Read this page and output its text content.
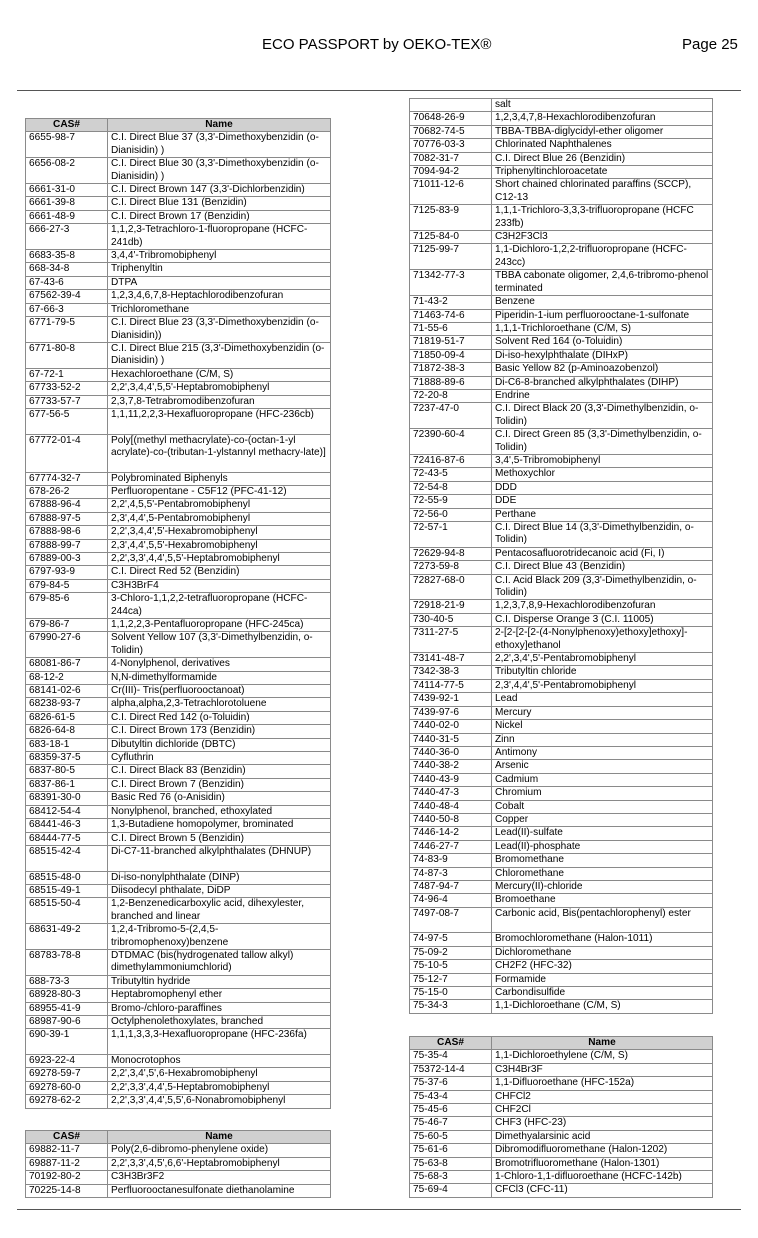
ECO PASSPORT by OEKO-TEX®	Page 25
CAS#	Name
6655-98-7	C.I. Direct Blue 37 (3,3'-Dimethoxybenzidin (o-Dianisidin) )
6656-08-2	C.I. Direct Blue 30 (3,3'-Dimethoxybenzidin (o-Dianisidin) )
6661-31-0	C.I. Direct Brown 147 (3,3'-Dichlorbenzidin)
6661-39-8	C.I. Direct Blue 131 (Benzidin)
6661-48-9	C.I. Direct Brown 17 (Benzidin)
666-27-3	1,1,2,3-Tetrachloro-1-fluoropropane (HCFC-241db)
6683-35-8	3,4,4'-Tribromobiphenyl
668-34-8	Triphenyltin
67-43-6	DTPA
67562-39-4	1,2,3,4,6,7,8-Heptachlorodibenzofuran
67-66-3	Trichloromethane
6771-79-5	C.I. Direct Blue 23 (3,3'-Dimethoxybenzidin (o-Dianisidin))
6771-80-8	C.I. Direct Blue 215 (3,3'-Dimethoxybenzidin (o-Dianisidin) )
67-72-1	Hexachloroethane (C/M, S)
67733-52-2	2,2',3,4,4',5,5'-Heptabromobiphenyl
67733-57-7	2,3,7,8-Tetrabromodibenzofuran
677-56-5	1,1,11,2,2,3-Hexafluoropropane (HFC-236cb)
67772-01-4	Poly[(methyl methacrylate)-co-(octan-1-yl acrylate)-co-(tributan-1-ylstannyl methacry-late)]
67774-32-7	Polybrominated Biphenyls
678-26-2	Perfluoropentane - C5F12 (PFC-41-12)
67888-96-4	2,2',4,5,5'-Pentabromobiphenyl
67888-97-5	2,3',4,4',5-Pentabromobiphenyl
67888-98-6	2,2',3,4,4',5'-Hexabromobiphenyl
67888-99-7	2,3',4,4',5,5'-Hexabromobiphenyl
67889-00-3	2,2',3,3',4,4',5,5'-Heptabromobiphenyl
6797-93-9	C.I. Direct Red 52 (Benzidin)
679-84-5	C3H3BrF4
679-85-6	3-Chloro-1,1,2,2-tetrafluoropropane (HCFC-244ca)
679-86-7	1,1,2,2,3-Pentafluoropropane (HFC-245ca)
67990-27-6	Solvent Yellow 107 (3,3'-Dimethylbenzidin, o-Tolidin)
68081-86-7	4-Nonylphenol, derivatives
68-12-2	N,N-dimethylformamide
68141-02-6	Cr(III)- Tris(perfluorooctanoat)
68238-93-7	alpha,alpha,2,3-Tetrachlorotoluene
6826-61-5	C.I. Direct Red 142 (o-Toluidin)
6826-64-8	C.I. Direct Brown 173 (Benzidin)
683-18-1	Dibutyltin dichloride (DBTC)
68359-37-5	Cyfluthrin
6837-80-5	C.I. Direct Black 83 (Benzidin)
6837-86-1	C.I. Direct Brown 7 (Benzidin)
68391-30-0	Basic Red 76 (o-Anisidin)
68412-54-4	Nonylphenol, branched, ethoxylated
68441-46-3	1,3-Butadiene homopolymer, brominated
68444-77-5	C.I. Direct Brown 5 (Benzidin)
68515-42-4	Di-C7-11-branched alkylphthalates (DHNUP)
68515-48-0	Di-iso-nonylphthalate (DINP)
68515-49-1	Diisodecyl phthalate, DiDP
68515-50-4	1,2-Benzenedicarboxylic acid, dihexylester, branched and linear
68631-49-2	1,2,4-Tribromo-5-(2,4,5-tribromophenoxy)benzene
68783-78-8	DTDMAC (bis(hydrogenated tallow alkyl) dimethylammoniumchlorid)
688-73-3	Tributyltin hydride
68928-80-3	Heptabromophenyl ether
68955-41-9	Bromo-/chloro-paraffines
68987-90-6	Octylphenolethoxylates, branched
690-39-1	1,1,1,3,3,3-Hexafluoropropane (HFC-236fa)
6923-22-4	Monocrotophos
69278-59-7	2,2',3,4',5',6-Hexabromobiphenyl
69278-60-0	2,2',3,3',4,4',5-Heptabromobiphenyl
69278-62-2	2,2',3,3',4,4',5,5',6-Nonabromobiphenyl
CAS#	Name
69882-11-7	Poly(2,6-dibromo-phenylene oxide)
69887-11-2	2,2',3,3',4,5',6,6'-Heptabromobiphenyl
70192-80-2	C3H3Br3F2
70225-14-8	Perfluorooctanesulfonate diethanolamine
	salt
70648-26-9	1,2,3,4,7,8-Hexachlorodibenzofuran
70682-74-5	TBBA-TBBA-diglycidyl-ether oligomer
70776-03-3	Chlorinated Naphthalenes
7082-31-7	C.I. Direct Blue 26 (Benzidin)
7094-94-2	Triphenyltinchloroacetate
71011-12-6	Short chained chlorinated paraffins (SCCP), C12-13
7125-83-9	1,1,1-Trichloro-3,3,3-trifluoropropane (HCFC 233fb)
7125-84-0	C3H2F3Cl3
7125-99-7	1,1-Dichloro-1,2,2-trifluoropropane (HCFC-243cc)
71342-77-3	TBBA cabonate oligomer, 2,4,6-tribromo-phenol terminated
71-43-2	Benzene
71463-74-6	Piperidin-1-ium perfluorooctane-1-sulfonate
71-55-6	1,1,1-Trichloroethane (C/M, S)
71819-51-7	Solvent Red 164 (o-Toluidin)
71850-09-4	Di-iso-hexylphthalate (DIHxP)
71872-38-3	Basic Yellow 82 (p-Aminoazobenzol)
71888-89-6	Di-C6-8-branched alkylphthalates (DIHP)
72-20-8	Endrine
7237-47-0	C.I. Direct Black 20 (3,3'-Dimethylbenzidin, o-Tolidin)
72390-60-4	C.I. Direct Green 85 (3,3'-Dimethylbenzidin, o-Tolidin)
72416-87-6	3,4',5-Tribromobiphenyl
72-43-5	Methoxychlor
72-54-8	DDD
72-55-9	DDE
72-56-0	Perthane
72-57-1	C.I. Direct Blue 14 (3,3'-Dimethylbenzidin, o-Tolidin)
72629-94-8	Pentacosafluorotridecanoic acid (Fi, I)
7273-59-8	C.I. Direct Blue 43 (Benzidin)
72827-68-0	C.I. Acid Black 209 (3,3'-Dimethylbenzidin, o-Tolidin)
72918-21-9	1,2,3,7,8,9-Hexachlorodibenzofuran
730-40-5	C.I. Disperse Orange 3 (C.I. 11005)
7311-27-5	2-[2-[2-[2-(4-Nonylphenoxy)ethoxy]ethoxy]-ethoxy]ethanol
73141-48-7	2,2',3,4',5'-Pentabromobiphenyl
7342-38-3	Tributyltin chloride
74114-77-5	2,3',4,4',5'-Pentabromobiphenyl
7439-92-1	Lead
7439-97-6	Mercury
7440-02-0	Nickel
7440-31-5	Zinn
7440-36-0	Antimony
7440-38-2	Arsenic
7440-43-9	Cadmium
7440-47-3	Chromium
7440-48-4	Cobalt
7440-50-8	Copper
7446-14-2	Lead(II)-sulfate
7446-27-7	Lead(II)-phosphate
74-83-9	Bromomethane
74-87-3	Chloromethane
7487-94-7	Mercury(II)-chloride
74-96-4	Bromoethane
7497-08-7	Carbonic acid, Bis(pentachlorophenyl) ester
74-97-5	Bromochloromethane (Halon-1011)
75-09-2	Dichloromethane
75-10-5	CH2F2 (HFC-32)
75-12-7	Formamide
75-15-0	Carbondisulfide
75-34-3	1,1-Dichloroethane (C/M, S)
CAS#	Name
75-35-4	1,1-Dichloroethylene (C/M, S)
75372-14-4	C3H4Br3F
75-37-6	1,1-Difluoroethane (HFC-152a)
75-43-4	CHFCl2
75-45-6	CHF2Cl
75-46-7	CHF3 (HFC-23)
75-60-5	Dimethyalarsinic acid
75-61-6	Dibromodifluoromethane (Halon-1202)
75-63-8	Bromotrifluoromethane (Halon-1301)
75-68-3	1-Chloro-1,1-difluoroethane (HCFC-142b)
75-69-4	CFCl3 (CFC-11)
